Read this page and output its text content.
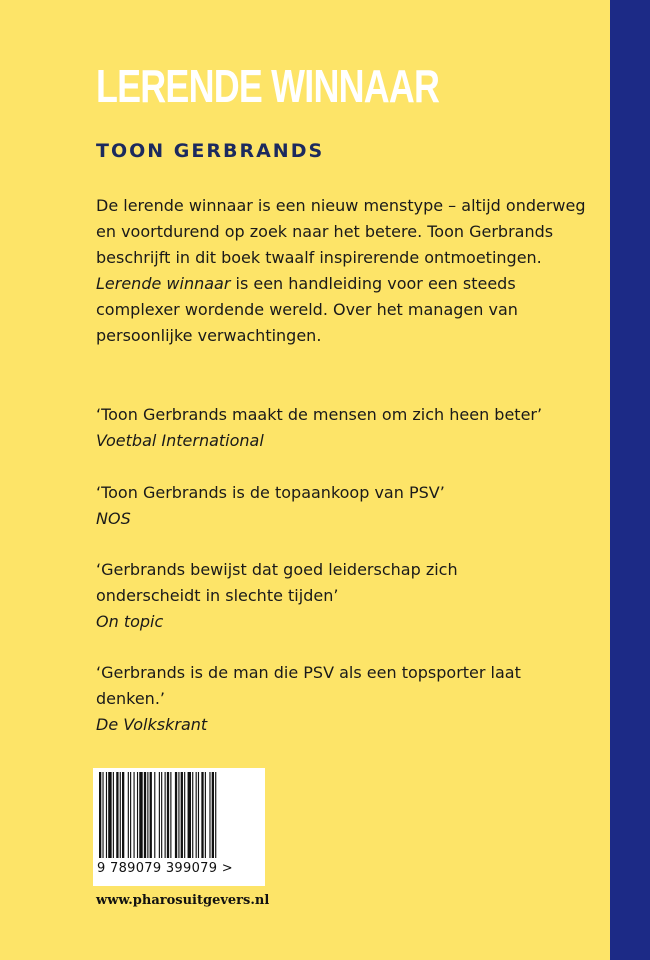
LERENDE WINNAAR
TOON GERBRANDS

De lerende winnaar is een nieuw menstype – altijd onderweg en voortdurend op zoek naar het betere. Toon Gerbrands beschrijft in dit boek twaalf inspirerende ontmoetingen. Lerende winnaar is een handleiding voor een steeds complexer wordende wereld. Over het managen van persoonlijke verwachtingen.

‘Toon Gerbrands maakt de mensen om zich heen beter’

Voetbal International

‘Toon Gerbrands is de topaankoop van PSV’

NOS

‘Gerbrands bewijst dat goed leiderschap zich onderscheidt in slechte tijden’

On topic

‘Gerbrands is de man die PSV als een topsporter laat denken.’

De Volkskrant

9 789079 399079 >
www.pharosuitgevers.nl
